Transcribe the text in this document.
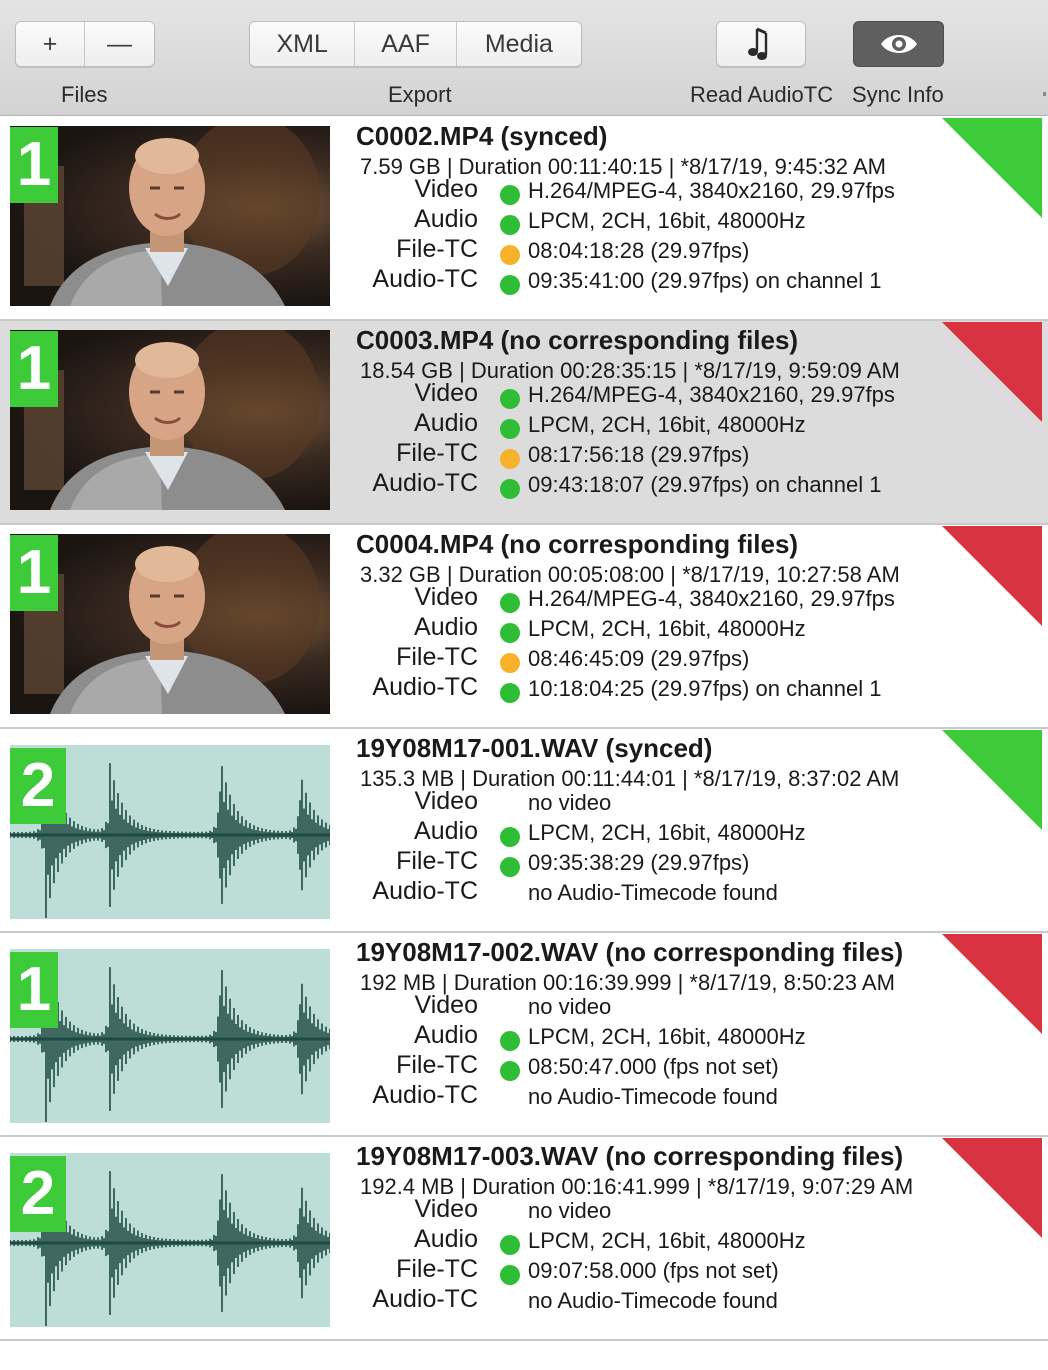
+	—
Files
XML	AAF	Media
Export	Read AudioTC Sync Info
1	C0002.MP4 (synced)
7.59 GB | Duration 00:11:40:15 | *8/17/19, 9:45:32 AM
Video H.264/MPEG-4, 3840x2160, 29.97fps
Audio LPCM, 2CH, 16bit, 48000Hz
File-TC 08:04:18:28 (29.97fps)
Audio-TC 09:35:41:00 (29.97fps) on channel 1
1	C0003.MP4 (no corresponding files)
18.54 GB | Duration 00:28:35:15 | *8/17/19, 9:59:09 AM
Video H.264/MPEG-4, 3840x2160, 29.97fps
Audio LPCM, 2CH, 16bit, 48000Hz
File-TC 08:17:56:18 (29.97fps)
Audio-TC 09:43:18:07 (29.97fps) on channel 1
1	C0004.MP4 (no corresponding files)
3.32 GB | Duration 00:05:08:00 | *8/17/19, 10:27:58 AM
Video H.264/MPEG-4, 3840x2160, 29.97fps
Audio LPCM, 2CH, 16bit, 48000Hz
File-TC 08:46:45:09 (29.97fps)
Audio-TC 10:18:04:25 (29.97fps) on channel 1
2
19Y08M17-001.WAV (synced)
135.3 MB | Duration 00:11:44:01 | *8/17/19, 8:37:02 AM
Video no video
Audio LPCM, 2CH, 16bit, 48000Hz
File-TC 09:35:38:29 (29.97fps)
Audio-TC no Audio-Timecode found
1
19Y08M17-002.WAV (no corresponding files)
192 MB | Duration 00:16:39.999 | *8/17/19, 8:50:23 AM
Video no video
Audio LPCM, 2CH, 16bit, 48000Hz
File-TC 08:50:47.000 (fps not set)
Audio-TC no Audio-Timecode found
2
19Y08M17-003.WAV (no corresponding files)
192.4 MB | Duration 00:16:41.999 | *8/17/19, 9:07:29 AM
Video no video
Audio LPCM, 2CH, 16bit, 48000Hz
File-TC 09:07:58.000 (fps not set)
Audio-TC no Audio-Timecode found
